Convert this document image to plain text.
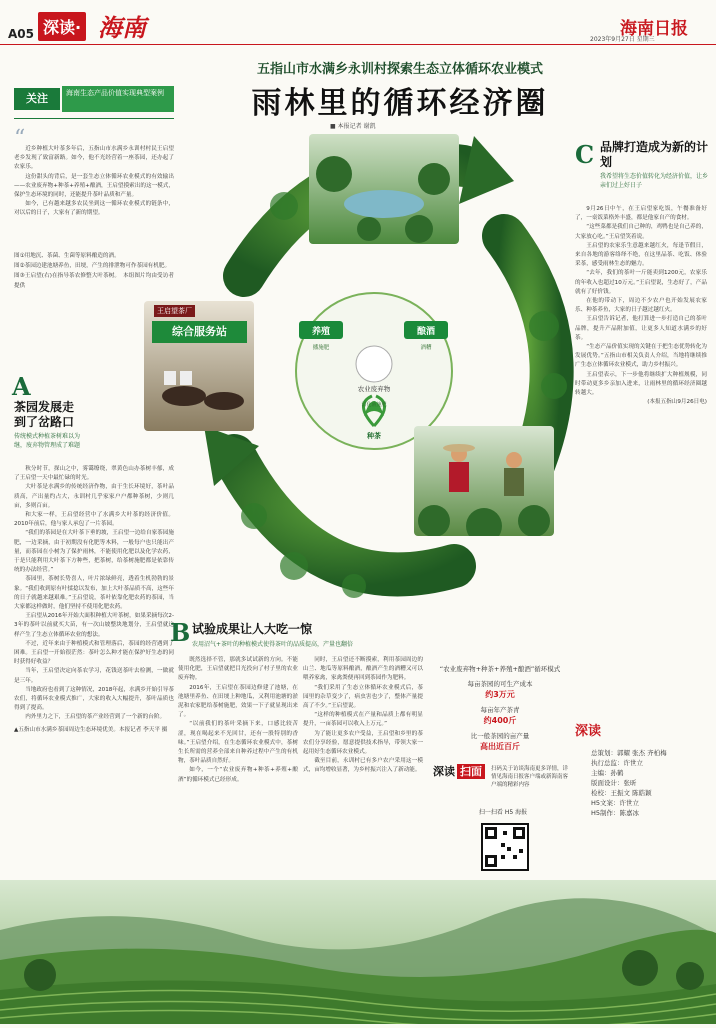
A05 深读· 海南	海南日报
2023年9月27日 星期三
五指山市水满乡永训村探索生态立体循环农业模式
雨林里的循环经济圈
■ 本报记者 谢凯
关注	海南生态产品价值实现典型案例
“ 近乡种植大叶茶多年后，五指山市水满乡永训村村民王启望老乡发现了致富新路。如今，他不光经营着一座茶园，还办起了农家乐。

这份甜头的背后，是一套生态立体循环农业模式的有效输出——农业废弃物+种茶+养殖+酿酒，王启望摸索出的这一模式，保护生态环境的同时，还能提升茶叶品质和产量。

如今，已有越来越多农民坐到这一循环农业模式的链条中，对以后的日子，大家有了新的期望。

图①用地沉、茶菌、生菌等原料酿造的酒。

图②茶园边建池塘养鱼，田埂，产生的排泄物可作茶园有机肥。

图③王启望(右)在指导茶农修整大叶茶树。　本组图片均由受访者提供

A
茶园发展走到了岔路口
传统模式种植茶树难以为继，废弃物管理成了难题

秋分时节，探山之中，雾霭缭绕，翠黄色山办茶树丰郁，成了王启望一天中最忙碌的时光。

大叶茶是水满乡的传统经济作物，由于生长环境好，茶叶品质高，产出量约占大，永训村几乎家家户户都种茶树，少则几亩，多则百亩。

和大家一样，王启望经营中了水满乡大叶茶的经济价值。2010年前后，他与家人承包了一片茶园。

“我们的茶园是在大叶茶下垂的坡，王启望一边给自家茶园施肥，一边采摘，由于初期没有化肥等木料，一般每户也只能出产量，而茶园在小树为了保护雨林，不能使用化肥以及化学农药，于是只能利用大叶茶下方种些，把茶树，给茶树施肥都是依靠传统的办法经营。”

茶园里，茶树长势喜人，叶片浓绿鲜亮，透着生机勃勃的景象。“我们收到原有叶揉捻以发布，加上大叶茶品质不高，这些年的日子就越来越艰难。”王启望说，茶叶依靠化肥农药的茶园，当大家都这样做时，他们坚持不使用化肥农药。

王启望从2016年开始大面积种植大叶茶树，如果采摘每次2-3年的茶叶以前就买大苗，有一次山坡整块地划分，王启望就这样产生了生态立体循环农业的想法。

不过，近年来由于种植模式和管理落后，茶园的经营遇到了困难。王启望一开始很茫然：茶叶怎么种才能在保护好生态的同时获得好收益？

当年，王启望决定向茶农学习，花钱送茶叶去检测，一做就是三年。

当地政府也看到了这种情况，2018年起，水满乡开始引导茶农们，将循环农业模式推广，大家的收入大幅提升，茶叶品质也得到了提高。

内外里力之下，王启望的茶产业经营到了一个新的台阶。

▲五指山市水满乡茶园周边生态环境优美。本报记者 李天平 摄

综合服务站
王启望茶厂
养殖	酿酒
播施肥	酒糟
农业废弃物
沼化液施肥
种茶
B 试验成果让人大吃一惊
农用沼气+茶叶的种植模式使得茶叶的品质提高，产量也翻倍

既然选择不管，那就多试试新的方向。不能使用化肥，王启望就把目光投向了村子里的农业废弃物。

2016年，王启望在茶园边修建了池塘，在池塘里养鱼、在田埂上种地瓜，又利用池塘的淤泥和农家肥给茶树施肥，效果一下子就显现出来了。

“以前我们的茶叶采摘下来，口感比较苦涩，现在喝起来不光回甘，还有一股特别的香味。”王启望介绍，在生态循环农业模式中，茶树生长所需的营养全部来自种养过程中产生的有机物，茶叶品质自然好。

如今，一个“农业废弃物+种茶+养殖+酿酒”的循环模式已经形成。

同时，王启望还不断摸索，利用茶园周边的山兰、地瓜等原料酿酒，酿酒产生的酒糟又可以喂养家禽，家禽粪便再回到茶园作为肥料。

“我们采用了生态立体循环农业模式后，茶园里的杂草变少了，病虫害也少了，整体产量提高了不少。”王启望说。

“这样的种植模式在产量和品质上都有明显提升，一亩茶园可以收入上万元。”

为了能让更多农户受益，王启望和乡里的茶农们分享经验，愿意提供技术指导，带领大家一起用好生态循环农业模式。

截至目前，永训村已有多户农户采用这一模式，亩均增收显著，为乡村振兴注入了新动能。

“农业废弃物+种茶+养殖+酿酒”循环模式
每亩茶园的可生产成本
约3万元
每亩年产茶青
约400斤
比一般茶园的亩产量
高出近百斤
深读 扫面	扫码关于访谈海南更多详情，详情见海南日报客户端或新海南客户端的精彩内容
扫一扫看 H5 海报
C 品牌打造成为新的计划
我希望将生态价值转化为经济价值，让乡亲们过上好日子

9月26日中午，在王启望家吃饭，午餐准备好了，一桌饭菜格外丰盛，都是他家自产的食材。

“这些菜都是我们自己种的，鸡鸭也是自己养的，大家放心吃。”王启望笑着说。

王启望的农家乐生意越来越红火，每逢节假日，来自各地的游客络绎不绝，在这里品茶、吃饭、体验采茶，感受雨林生态的魅力。

“去年，我们的茶叶一斤能卖到1200元，农家乐的年收入也超过10万元。”王启望说，生态好了，产品就有了好价钱。

在他的带动下，周边不少农户也开始发展农家乐、种茶养鱼，大家的日子越过越红火。

王启望告诉记者，他打算进一步打造自己的茶叶品牌，提升产品附加值，让更多人知道水满乡的好茶。

“生态产品价值实现的关键在于把生态优势转化为发展优势。”五指山市相关负责人介绍，当地将继续推广生态立体循环农业模式，助力乡村振兴。

王启望表示，下一步他将继续扩大种植规模，同时带动更多乡亲加入进来，让雨林里的循环经济圈越转越大。

(本报五指山9月26日电)

深读
总策划：郭耀 张杰 齐柏梅
执行总监：许世立
主编：孙鹤
版面设计：张昕
检校：王振文 陈皓颖
H5文案：许世立
H5制作：陈嘉冰
